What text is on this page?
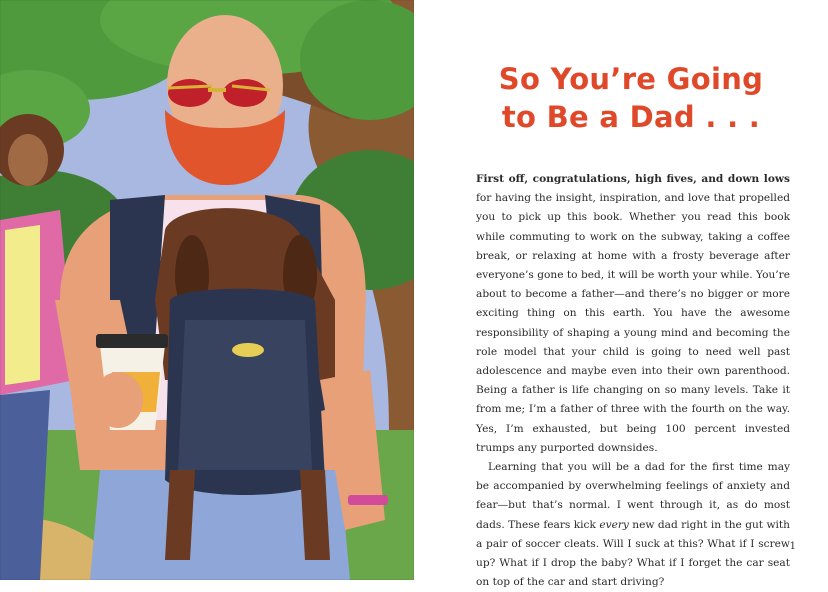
So You’re Going
to Be a Dad . . .

First off, congratulations, high fives, and down lows for having the insight, inspiration, and love that propelled you to pick up this book. Whether you read this book while commuting to work on the subway, taking a coffee break, or relaxing at home with a frosty beverage after everyone’s gone to bed, it will be worth your while. You’re about to become a father—and there’s no bigger or more exciting thing on this earth. You have the awesome responsibility of shaping a young mind and becoming the role model that your child is going to need well past adolescence and maybe even into their own parenthood. Being a father is life changing on so many levels. Take it from me; I’m a father of three with the fourth on the way. Yes, I’m exhausted, but being 100 percent invested trumps any purported downsides.

Learning that you will be a dad for the first time may be accompanied by overwhelming feelings of anxiety and fear—but that’s normal. I went through it, as do most dads. These fears kick every new dad right in the gut with a pair of soccer cleats. Will I suck at this? What if I screw up? What if I drop the baby? What if I forget the car seat on top of the car and start driving?

1
